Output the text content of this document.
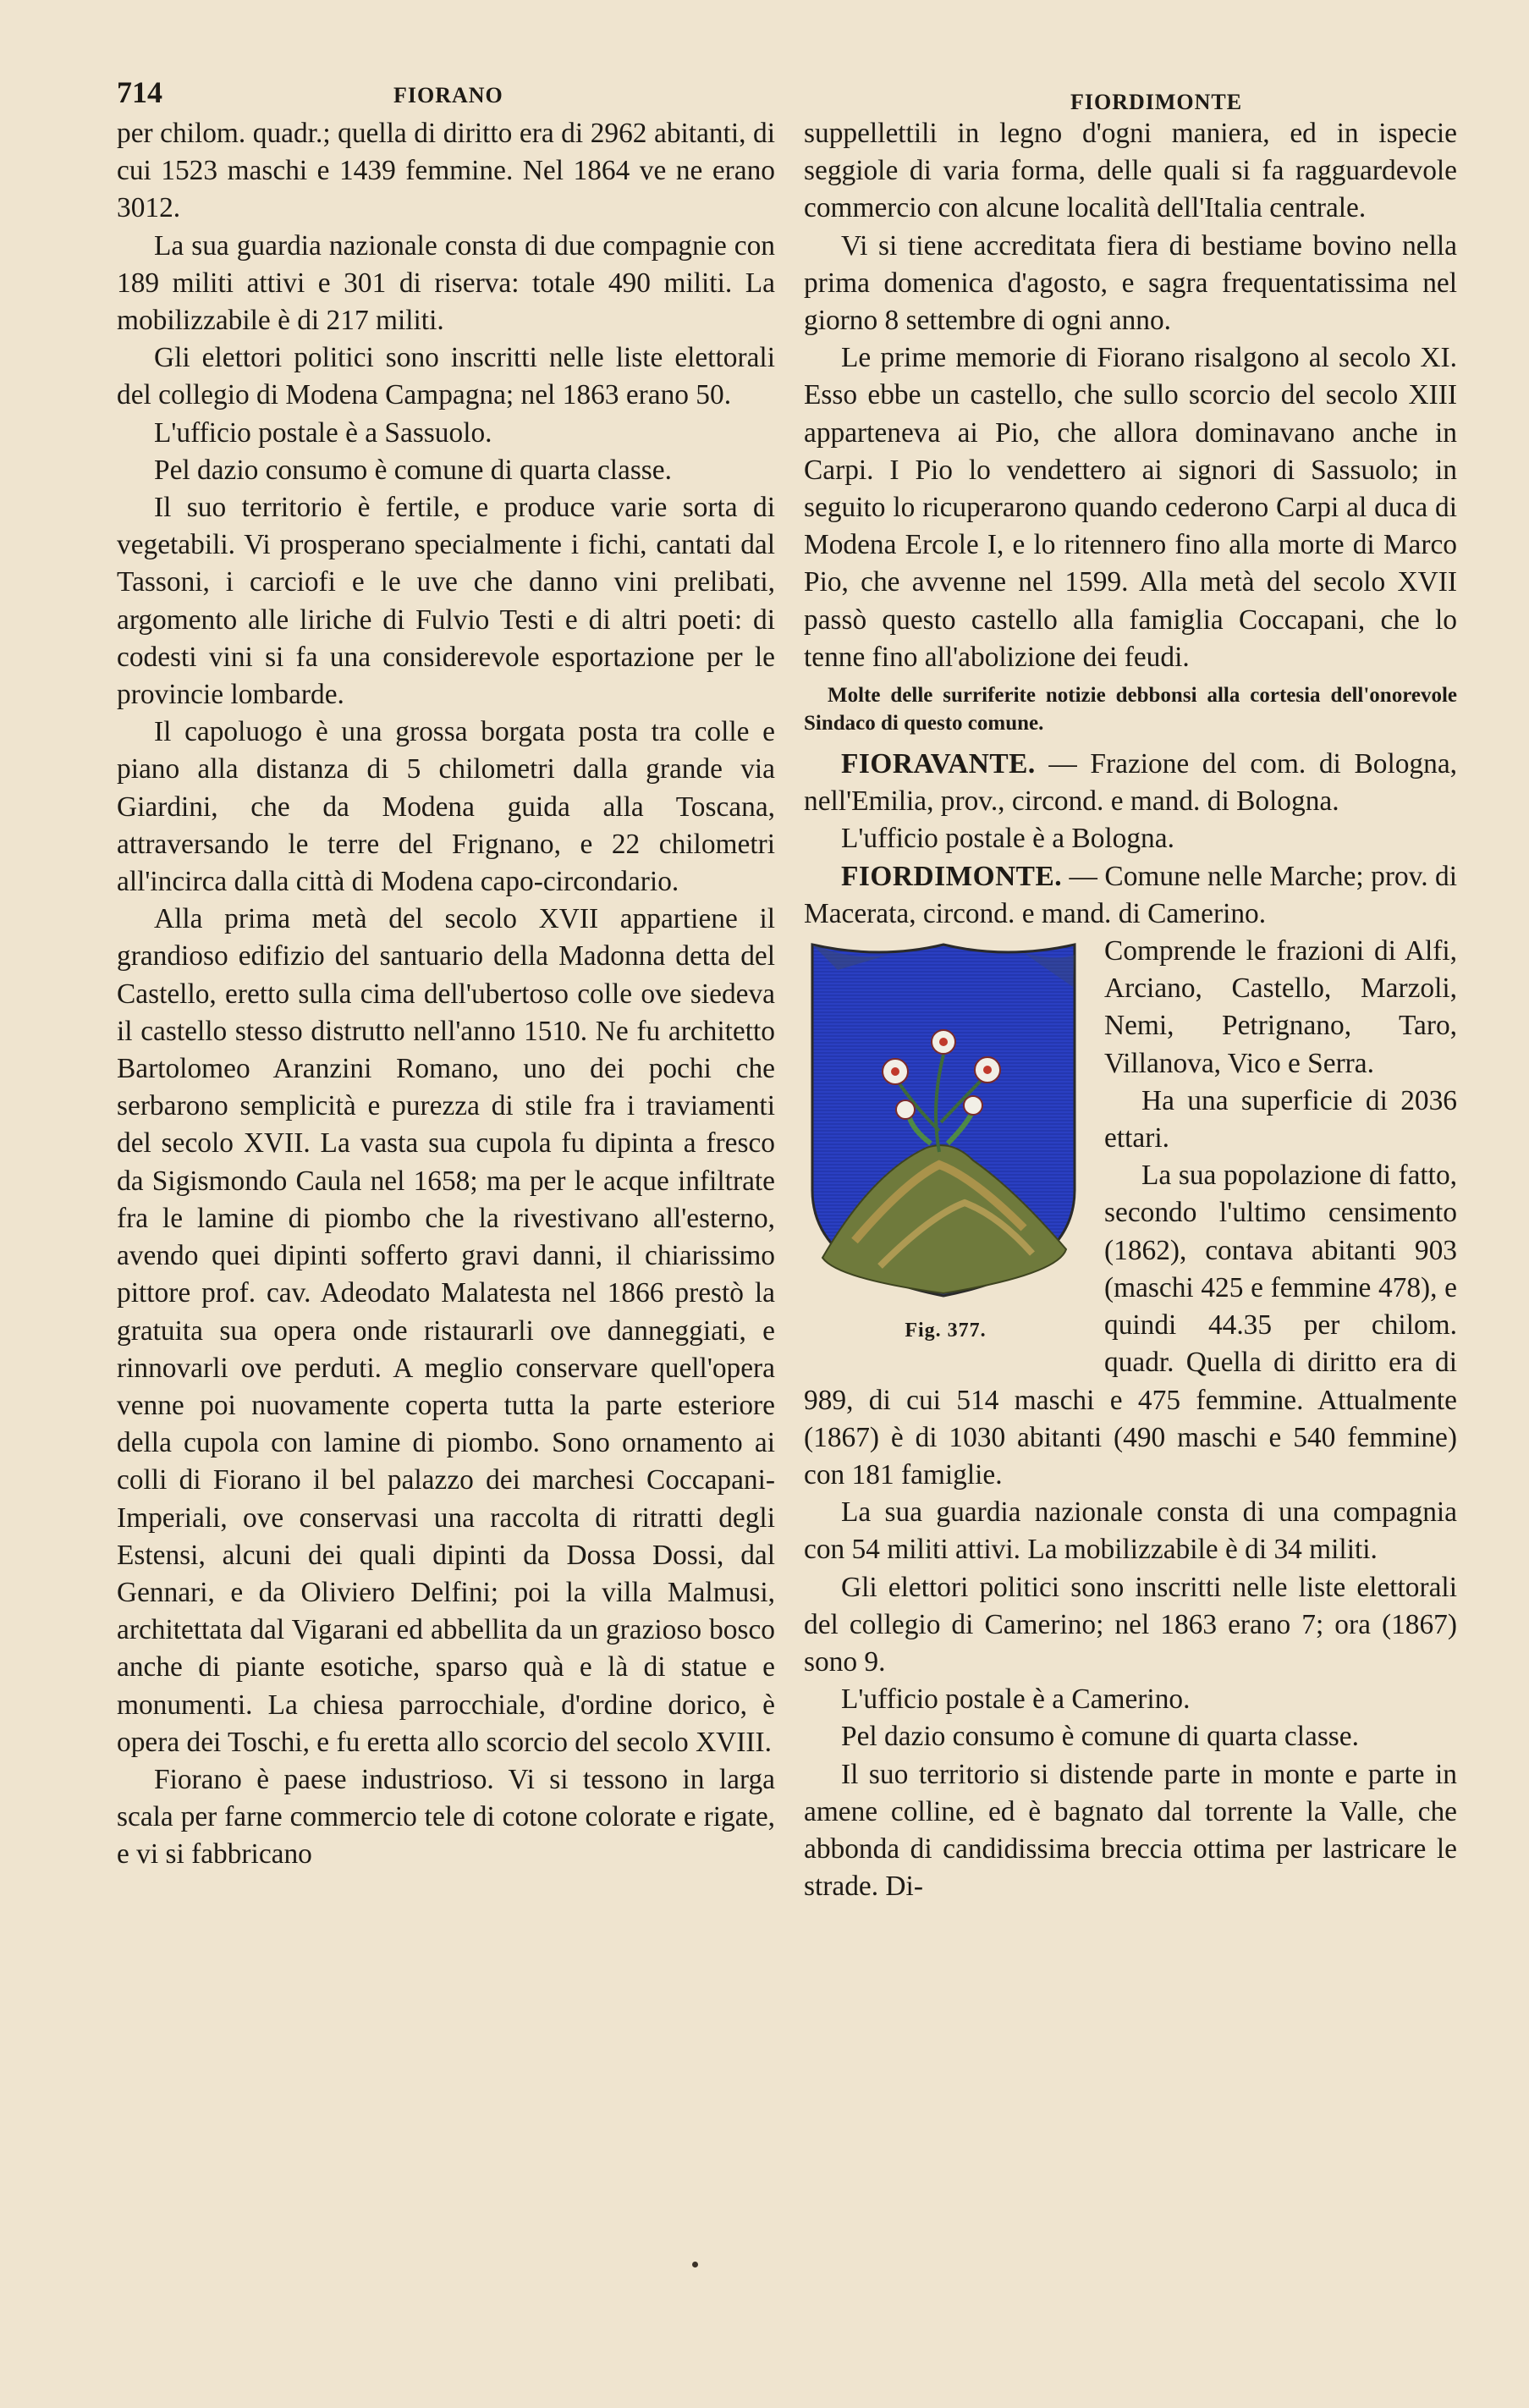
714	FIORANO	FIORDIMONTE

per chilom. quadr.; quella di diritto era di 2962 abitanti, di cui 1523 maschi e 1439 femmine. Nel 1864 ve ne erano 3012.

La sua guardia nazionale consta di due compagnie con 189 militi attivi e 301 di riserva: totale 490 militi. La mobilizzabile è di 217 militi.

Gli elettori politici sono inscritti nelle liste elettorali del collegio di Modena Campagna; nel 1863 erano 50.

L'ufficio postale è a Sassuolo.

Pel dazio consumo è comune di quarta classe.

Il suo territorio è fertile, e produce varie sorta di vegetabili. Vi prosperano specialmente i fichi, cantati dal Tassoni, i carciofi e le uve che danno vini prelibati, argomento alle liriche di Fulvio Testi e di altri poeti: di codesti vini si fa una considerevole esportazione per le provincie lombarde.

Il capoluogo è una grossa borgata posta tra colle e piano alla distanza di 5 chilometri dalla grande via Giardini, che da Modena guida alla Toscana, attraversando le terre del Frignano, e 22 chilometri all'incirca dalla città di Modena capo-circondario.

Alla prima metà del secolo XVII appartiene il grandioso edifizio del santuario della Madonna detta del Castello, eretto sulla cima dell'ubertoso colle ove siedeva il castello stesso distrutto nell'anno 1510. Ne fu architetto Bartolomeo Aranzini Romano, uno dei pochi che serbarono semplicità e purezza di stile fra i traviamenti del secolo XVII. La vasta sua cupola fu dipinta a fresco da Sigismondo Caula nel 1658; ma per le acque infiltrate fra le lamine di piombo che la rivestivano all'esterno, avendo quei dipinti sofferto gravi danni, il chiarissimo pittore prof. cav. Adeodato Malatesta nel 1866 prestò la gratuita sua opera onde ristaurarli ove danneggiati, e rinnovarli ove perduti. A meglio conservare quell'opera venne poi nuovamente coperta tutta la parte esteriore della cupola con lamine di piombo. Sono ornamento ai colli di Fiorano il bel palazzo dei marchesi Coccapani-Imperiali, ove conservasi una raccolta di ritratti degli Estensi, alcuni dei quali dipinti da Dossa Dossi, dal Gennari, e da Oliviero Delfini; poi la villa Malmusi, architettata dal Vigarani ed abbellita da un grazioso bosco anche di piante esotiche, sparso quà e là di statue e monumenti. La chiesa parrocchiale, d'ordine dorico, è opera dei Toschi, e fu eretta allo scorcio del secolo XVIII.

Fiorano è paese industrioso. Vi si tessono in larga scala per farne commercio tele di cotone colorate e rigate, e vi si fabbricano

suppellettili in legno d'ogni maniera, ed in ispecie seggiole di varia forma, delle quali si fa ragguardevole commercio con alcune località dell'Italia centrale.

Vi si tiene accreditata fiera di bestiame bovino nella prima domenica d'agosto, e sagra frequentatissima nel giorno 8 settembre di ogni anno.

Le prime memorie di Fiorano risalgono al secolo XI. Esso ebbe un castello, che sullo scorcio del secolo XIII apparteneva ai Pio, che allora dominavano anche in Carpi. I Pio lo vendettero ai signori di Sassuolo; in seguito lo ricuperarono quando cederono Carpi al duca di Modena Ercole I, e lo ritennero fino alla morte di Marco Pio, che avvenne nel 1599. Alla metà del secolo XVII passò questo castello alla famiglia Coccapani, che lo tenne fino all'abolizione dei feudi.

Molte delle surriferite notizie debbonsi alla cortesia dell'onorevole Sindaco di questo comune.

FIORAVANTE. — Frazione del com. di Bologna, nell'Emilia, prov., circond. e mand. di Bologna.

L'ufficio postale è a Bologna.

FIORDIMONTE. — Comune nelle Marche; prov. di Macerata, circond. e mand. di Camerino.

Fig. 377.

Comprende le frazioni di Alfi, Arciano, Castello, Marzoli, Nemi, Petrignano, Taro, Villanova, Vico e Serra.

Ha una superficie di 2036 ettari.

La sua popolazione di fatto, secondo l'ultimo censimento (1862), contava abitanti 903 (maschi 425 e femmine 478), e quindi 44.35 per chilom. quadr. Quella di diritto era di 989, di cui 514 maschi e 475 femmine. Attualmente (1867) è di 1030 abitanti (490 maschi e 540 femmine) con 181 famiglie.

La sua guardia nazionale consta di una compagnia con 54 militi attivi. La mobilizzabile è di 34 militi.

Gli elettori politici sono inscritti nelle liste elettorali del collegio di Camerino; nel 1863 erano 7; ora (1867) sono 9.

L'ufficio postale è a Camerino.

Pel dazio consumo è comune di quarta classe.

Il suo territorio si distende parte in monte e parte in amene colline, ed è bagnato dal torrente la Valle, che abbonda di candidissima breccia ottima per lastricare le strade. Di-
